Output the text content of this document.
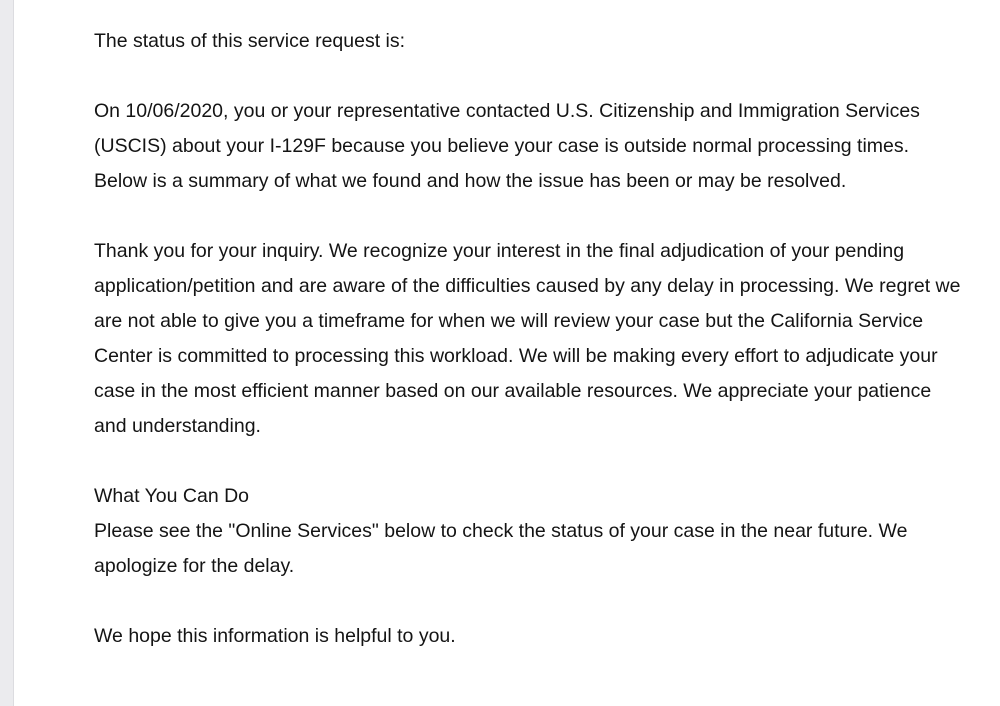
The status of this service request is:

On 10/06/2020, you or your representative contacted U.S. Citizenship and Immigration Services (USCIS) about your I-129F because you believe your case is outside normal processing times. Below is a summary of what we found and how the issue has been or may be resolved.

Thank you for your inquiry. We recognize your interest in the final adjudication of your pending application/petition and are aware of the difficulties caused by any delay in processing. We regret we are not able to give you a timeframe for when we will review your case but the California Service Center is committed to processing this workload. We will be making every effort to adjudicate your case in the most efficient manner based on our available resources. We appreciate your patience and understanding.

What You Can Do

Please see the "Online Services" below to check the status of your case in the near future. We apologize for the delay.

We hope this information is helpful to you.
